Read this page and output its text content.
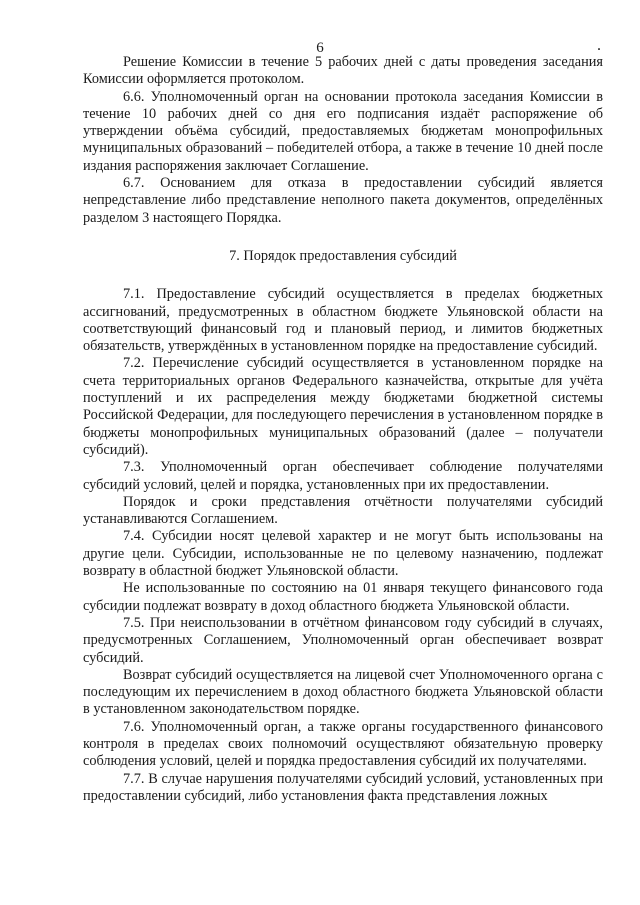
6	.

Решение Комиссии в течение 5 рабочих дней с даты проведения заседания Комиссии оформляется протоколом.

6.6. Уполномоченный орган на основании протокола заседания Комиссии в течение 10 рабочих дней со дня его подписания издаёт распоряжение об утверждении объёма субсидий, предоставляемых бюджетам монопрофильных муниципальных образований – победителей отбора, а также в течение 10 дней после издания распоряжения заключает Соглашение.

6.7. Основанием для отказа в предоставлении субсидий является непредставление либо представление неполного пакета документов, определённых разделом 3 настоящего Порядка.

7. Порядок предоставления субсидий

7.1. Предоставление субсидий осуществляется в пределах бюджетных ассигнований, предусмотренных в областном бюджете Ульяновской области на соответствующий финансовый год и плановый период, и лимитов бюджетных обязательств, утверждённых в установленном порядке на предоставление субсидий.

7.2. Перечисление субсидий осуществляется в установленном порядке на счета территориальных органов Федерального казначейства, открытые для учёта поступлений и их распределения между бюджетами бюджетной системы Российской Федерации, для последующего перечисления в установленном порядке в бюджеты монопрофильных муниципальных образований (далее – получатели субсидий).

7.3. Уполномоченный орган обеспечивает соблюдение получателями субсидий условий, целей и порядка, установленных при их предоставлении.

Порядок и сроки представления отчётности получателями субсидий устанавливаются Соглашением.

7.4. Субсидии носят целевой характер и не могут быть использованы на другие цели. Субсидии, использованные не по целевому назначению, подлежат возврату в областной бюджет Ульяновской области.

Не использованные по состоянию на 01 января текущего финансового года субсидии подлежат возврату в доход областного бюджета Ульяновской области.

7.5. При неиспользовании в отчётном финансовом году субсидий в случаях, предусмотренных Соглашением, Уполномоченный орган обеспечивает возврат субсидий.

Возврат субсидий осуществляется на лицевой счет Уполномоченного органа с последующим их перечислением в доход областного бюджета Ульяновской области в установленном законодательством порядке.

7.6. Уполномоченный орган, а также органы государственного финансового контроля в пределах своих полномочий осуществляют обязательную проверку соблюдения условий, целей и порядка предоставления субсидий их получателями.

7.7. В случае нарушения получателями субсидий условий, установленных при предоставлении субсидий, либо установления факта представления ложных
